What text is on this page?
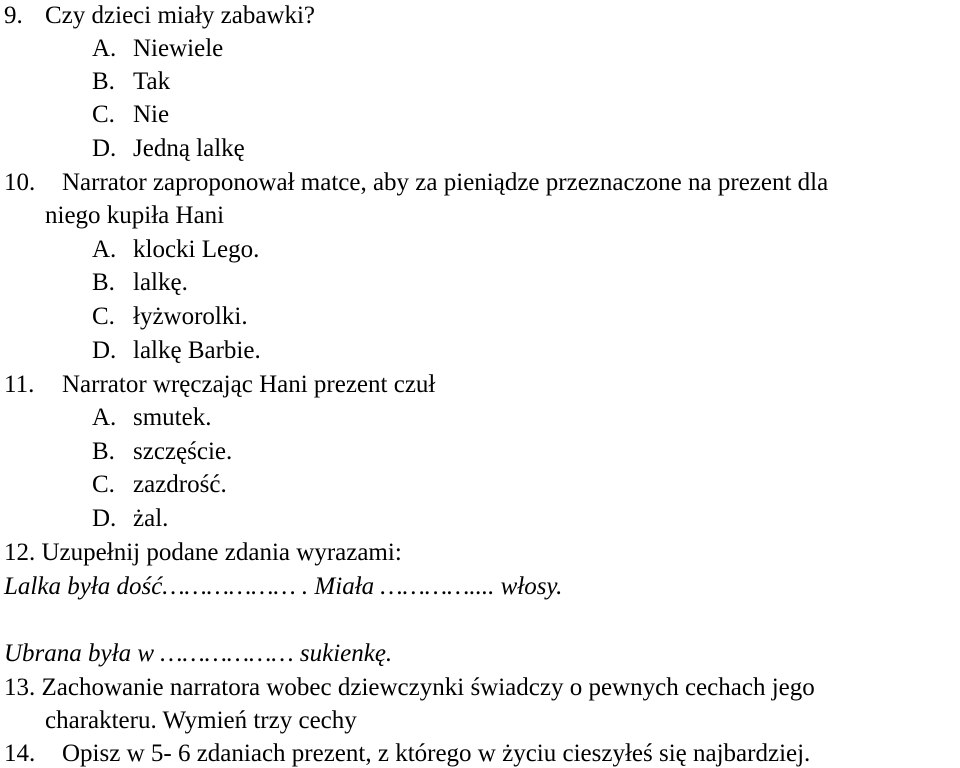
9. Czy dzieci miały zabawki?
A. Niewiele
B. Tak
C. Nie
D. Jedną lalkę
10. Narrator zaproponował matce, aby za pieniądze przeznaczone na prezent dla
niego kupiła Hani
A. klocki Lego.
B. lalkę.
C. łyżworolki.
D. lalkę Barbie.
11. Narrator wręczając Hani prezent czuł
A. smutek.
B. szczęście.
C. zazdrość.
D. żal.
12. Uzupełnij podane zdania wyrazami:
Lalka była dość……………… . Miała ………….... włosy.
Ubrana była w ……………… sukienkę.
13. Zachowanie narratora wobec dziewczynki świadczy o pewnych cechach jego
charakteru. Wymień trzy cechy
14. Opisz w 5- 6 zdaniach prezent, z którego w życiu cieszyłeś się najbardziej.
